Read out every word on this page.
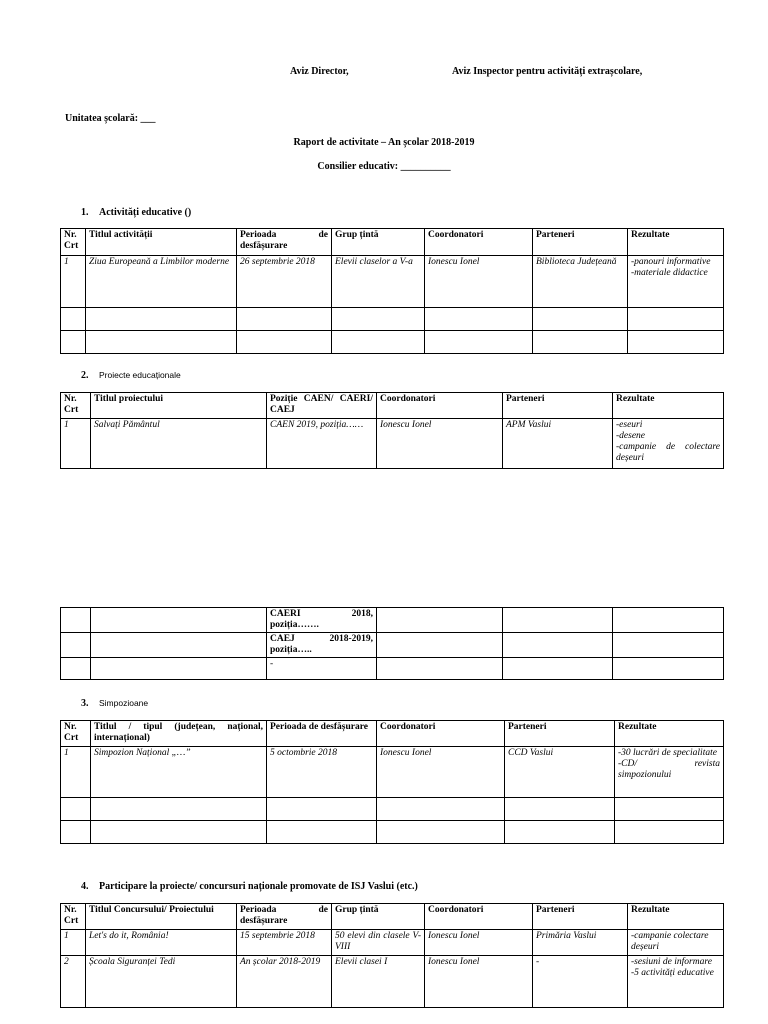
Aviz Director,	Aviz Inspector pentru activități extrașcolare,
Unitatea școlară: ___
Raport de activitate – An școlar 2018-2019
Consilier educativ: __________
1. Activități educative ()
Nr. Crt	Titlul activității	Perioada de desfășurare	Grup țintă	Coordonatori	Parteneri	Rezultate
1	Ziua Europeană a Limbilor moderne	26 septembrie 2018	Elevii claselor a V-a	Ionescu Ionel	Biblioteca Județeană	-panouri informative
-materiale didactice

2. Proiecte educaționale
Nr. Crt	Titlul proiectului	Poziție CAEN/ CAERI/ CAEJ	Coordonatori	Parteneri	Rezultate
1	Salvați Pământul	CAEN 2019, poziția……	Ionescu Ionel	APM Vaslui	-eseuri
-desene
-campanie de colectare deșeuri
		CAERI 2018, poziția…….			
		CAEJ 2018-2019, poziția…..			
		-			
3. Simpozioane
Nr. Crt	Titlul / tipul (județean, național, internațional)	Perioada de desfășurare	Coordonatori	Parteneri	Rezultate
1	Simpozion Național „…”	5 octombrie 2018	Ionescu Ionel	CCD Vaslui	-30 lucrări de specialitate
-CD/ revista simpozionului

4. Participare la proiecte/ concursuri naționale promovate de ISJ Vaslui (etc.)
Nr. Crt	Titlul Concursului/ Proiectului	Perioada de desfășurare	Grup țintă	Coordonatori	Parteneri	Rezultate
1	Let's do it, România!	15 septembrie 2018	50 elevi din clasele V-VIII	Ionescu Ionel	Primăria Vaslui	-campanie colectare deșeuri

2	Școala Siguranței Tedi	An școlar 2018-2019	Elevii clasei I	Ionescu Ionel	-	-sesiuni de informare
-5 activități educative
